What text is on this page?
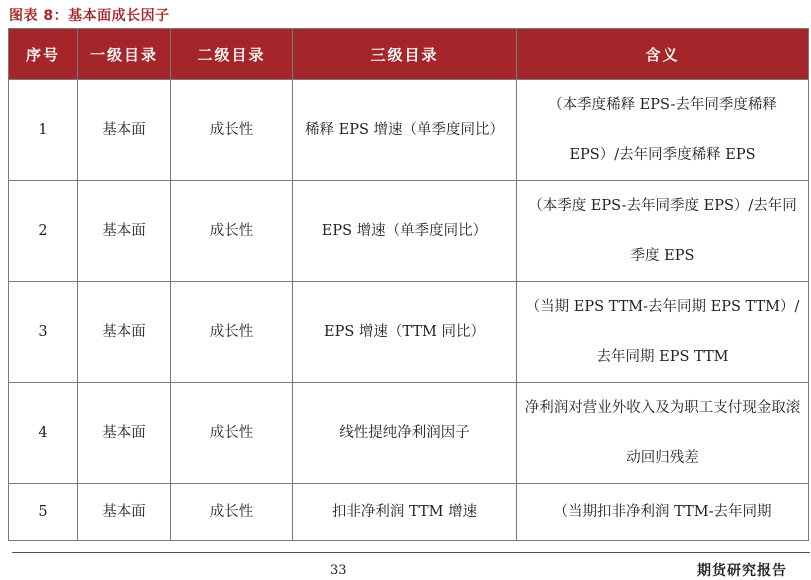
图表 8：基本面成长因子
序号	一级目录	二级目录	三级目录	含义
1	基本面	成长性	稀释 EPS 增速（单季度同比）	（本季度稀释 EPS-去年同季度稀释 EPS）/去年同季度稀释 EPS
2	基本面	成长性	EPS 增速（单季度同比）	（本季度 EPS-去年同季度 EPS）/去年同季度 EPS
3	基本面	成长性	EPS 增速（TTM 同比）	（当期 EPS TTM-去年同期 EPS TTM）/去年同期 EPS TTM
4	基本面	成长性	线性提纯净利润因子	净利润对营业外收入及为职工支付现金取滚动回归残差
5	基本面	成长性	扣非净利润 TTM 增速	（当期扣非净利润 TTM-去年同期
33	期货研究报告
